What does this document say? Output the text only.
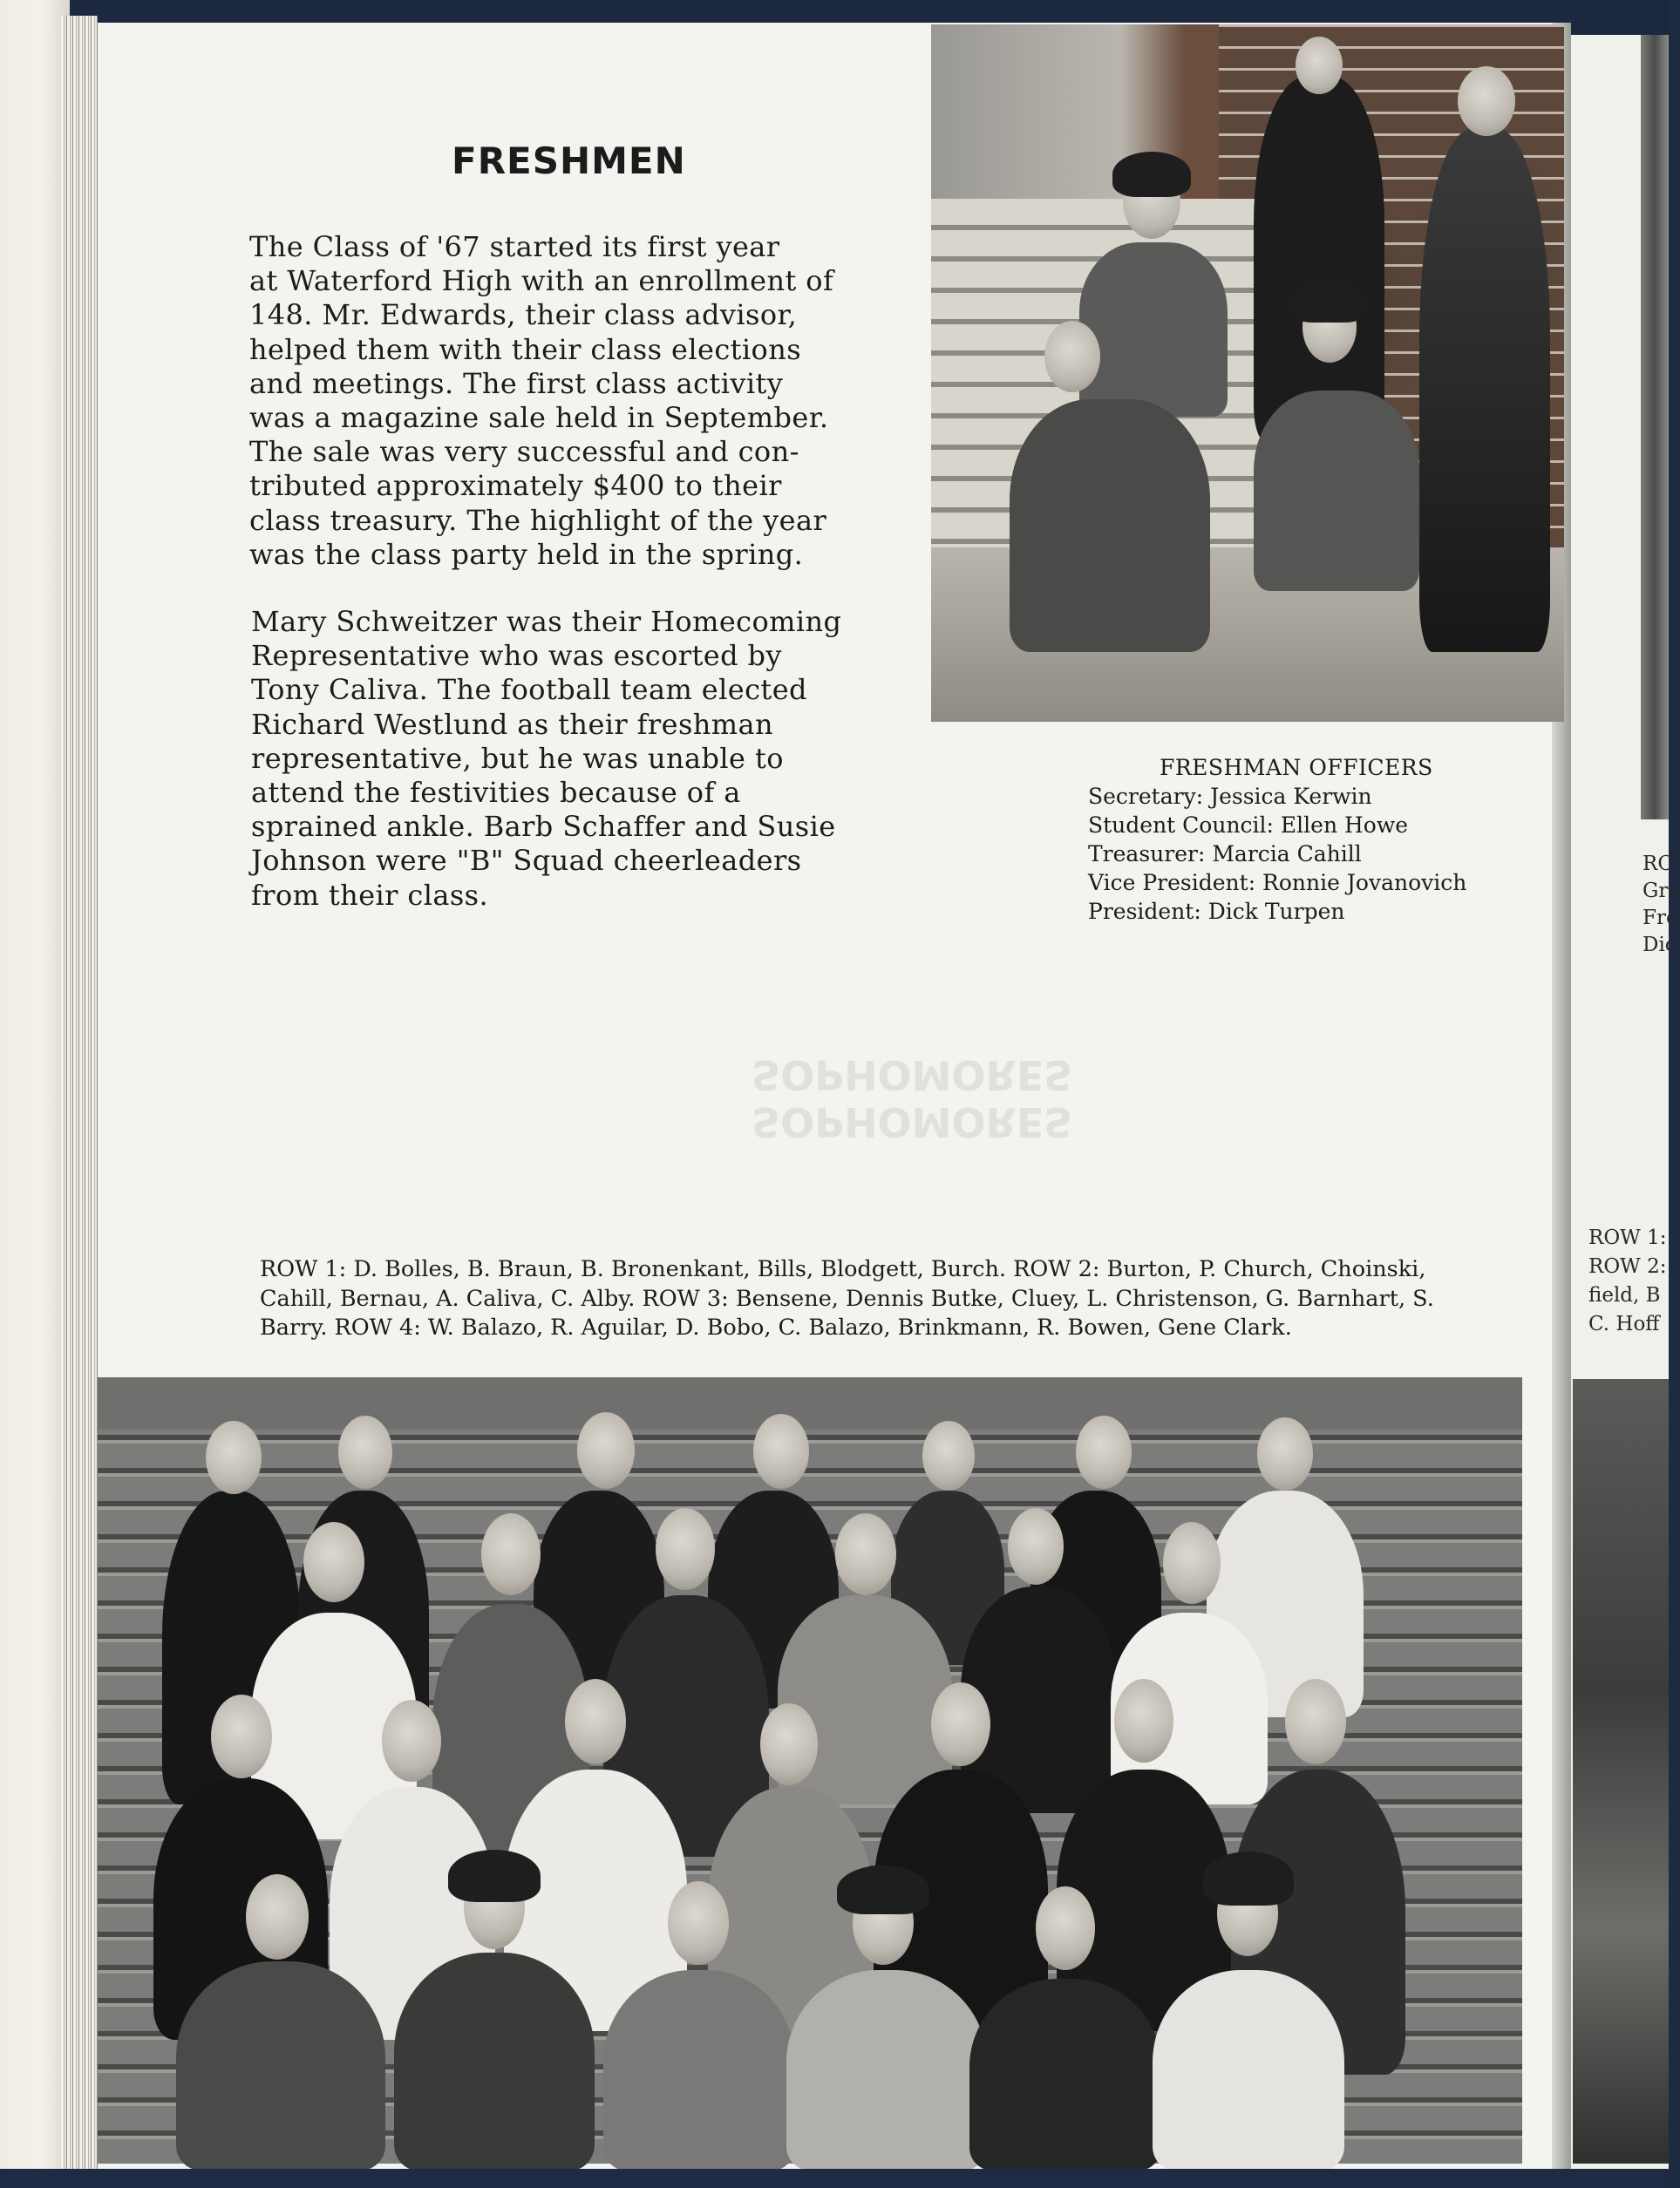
RO
Gra
Fro
Dic
ROW 1:
ROW 2:
field, B
C. Hoff
SOPHOMORES
SOPHOMORES
FRESHMEN
The Class of '67 started its first year
at Waterford High with an enrollment of
148. Mr. Edwards, their class advisor,
helped them with their class elections
and meetings. The first class activity
was a magazine sale held in September.
The sale was very successful and con-
tributed approximately $400 to their
class treasury. The highlight of the year
was the class party held in the spring.
Mary Schweitzer was their Homecoming
Representative who was escorted by
Tony Caliva. The football team elected
Richard Westlund as their freshman
representative, but he was unable to
attend the festivities because of a
sprained ankle. Barb Schaffer and Susie
Johnson were "B" Squad cheerleaders
from their class.
FRESHMAN OFFICERS
Secretary: Jessica Kerwin
Student Council: Ellen Howe
Treasurer: Marcia Cahill
Vice President: Ronnie Jovanovich
President: Dick Turpen
ROW 1: D. Bolles, B. Braun, B. Bronenkant, Bills, Blodgett, Burch. ROW 2: Burton, P. Church, Choinski,
Cahill, Bernau, A. Caliva, C. Alby. ROW 3: Bensene, Dennis Butke, Cluey, L. Christenson, G. Barnhart, S.
Barry. ROW 4: W. Balazo, R. Aguilar, D. Bobo, C. Balazo, Brinkmann, R. Bowen, Gene Clark.
